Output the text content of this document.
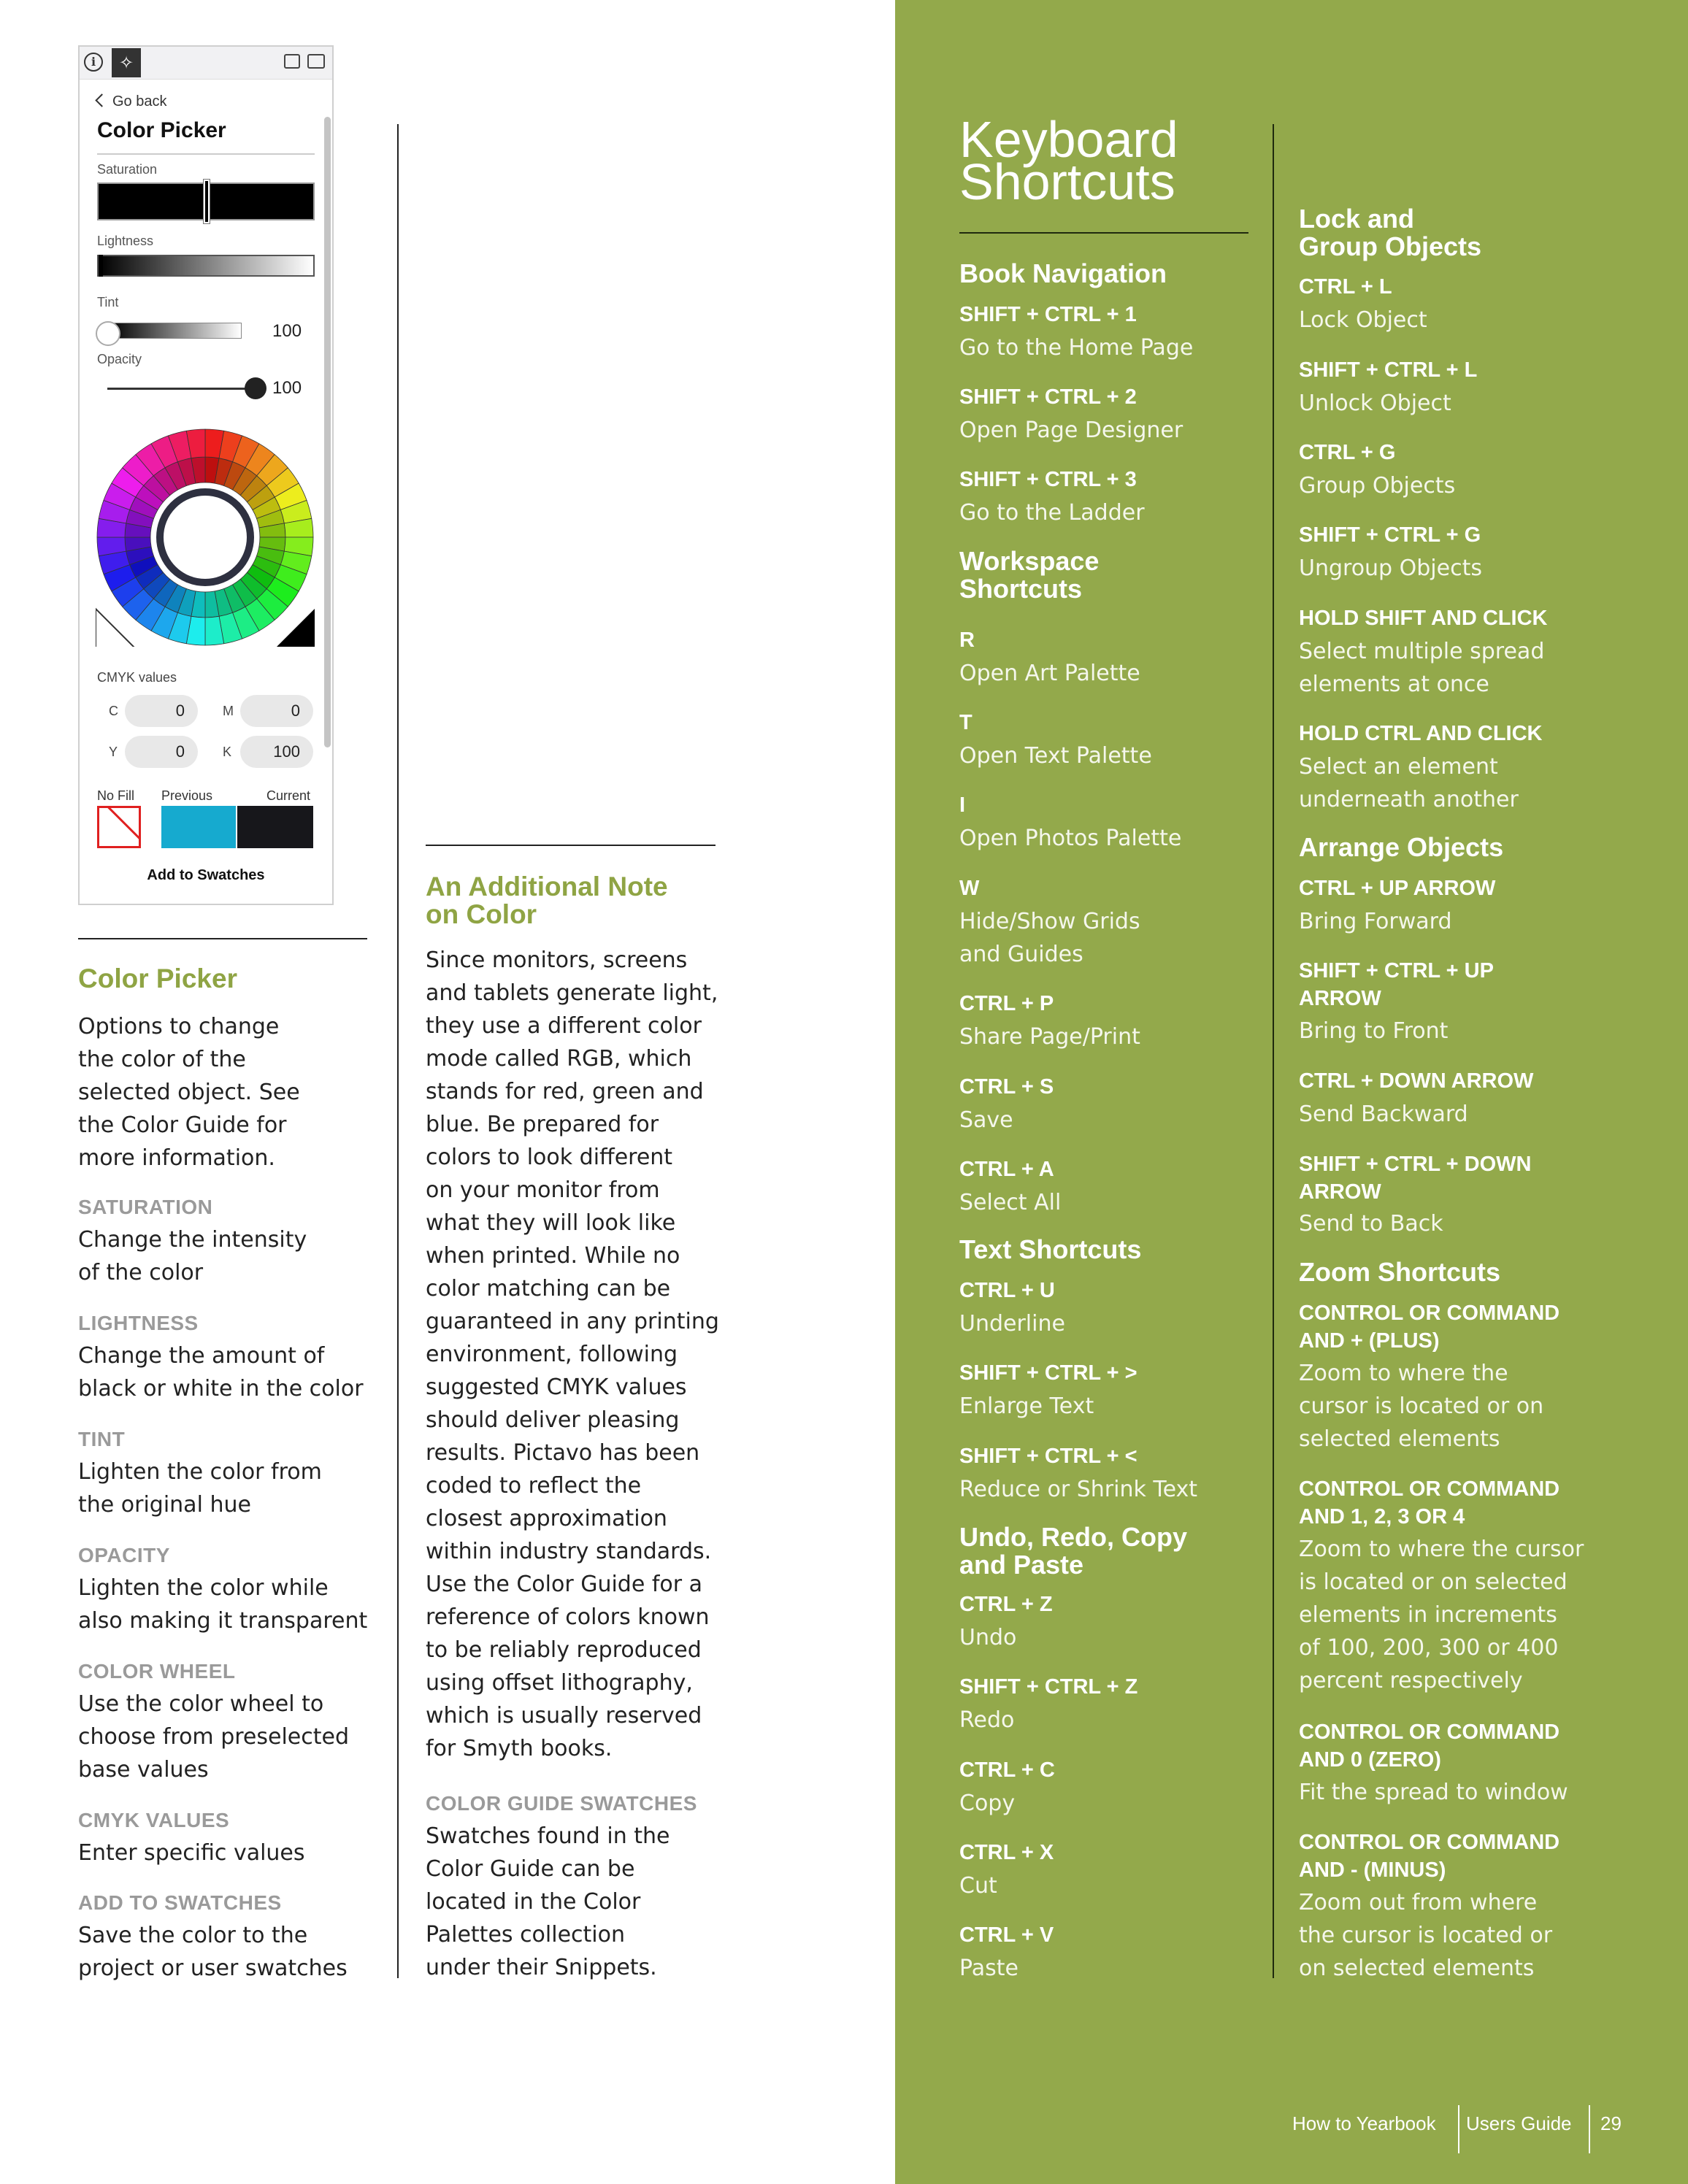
i	✧
Go back
Color Picker
Saturation
Lightness
Tint
100
Opacity
100
CMYK values
C	0	M	0
Y	0	K	100
No Fill Previous	Current
Add to Swatches
Color Picker
Options to change
the color of the
selected object. See
the Color Guide for
more information.
SATURATION
Change the intensity
of the color
LIGHTNESS
Change the amount of
black or white in the color
TINT
Lighten the color from
the original hue
OPACITY
Lighten the color while
also making it transparent
COLOR WHEEL
Use the color wheel to
choose from preselected
base values
CMYK VALUES
Enter specific values
ADD TO SWATCHES
Save the color to the
project or user swatches
An Additional Note
on Color
Since monitors, screens
and tablets generate light,
they use a different color
mode called RGB, which
stands for red, green and
blue. Be prepared for
colors to look different
on your monitor from
what they will look like
when printed. While no
color matching can be
guaranteed in any printing
environment, following
suggested CMYK values
should deliver pleasing
results. Pictavo has been
coded to reflect the
closest approximation
within industry standards.
Use the Color Guide for a
reference of colors known
to be reliably reproduced
using offset lithography,
which is usually reserved
for Smyth books.
COLOR GUIDE SWATCHES
Swatches found in the
Color Guide can be
located in the Color
Palettes collection
under their Snippets.
Keyboard
Shortcuts
Book Navigation
SHIFT + CTRL + 1
Go to the Home Page
SHIFT + CTRL + 2
Open Page Designer
SHIFT + CTRL + 3
Go to the Ladder
Workspace
Shortcuts
R
Open Art Palette
T
Open Text Palette
I
Open Photos Palette
W
Hide/Show Grids
and Guides
CTRL + P
Share Page/Print
CTRL + S
Save
CTRL + A
Select All
Text Shortcuts
CTRL + U
Underline
SHIFT + CTRL + >
Enlarge Text
SHIFT + CTRL + <
Reduce or Shrink Text
Undo, Redo, Copy
and Paste
CTRL + Z
Undo
SHIFT + CTRL + Z
Redo
CTRL + C
Copy
CTRL + X
Cut
CTRL + V
Paste
Lock and
Group Objects
CTRL + L
Lock Object
SHIFT + CTRL + L
Unlock Object
CTRL + G
Group Objects
SHIFT + CTRL + G
Ungroup Objects
HOLD SHIFT AND CLICK
Select multiple spread
elements at once
HOLD CTRL AND CLICK
Select an element
underneath another
Arrange Objects
CTRL + UP ARROW
Bring Forward
SHIFT + CTRL + UP
ARROW
Bring to Front
CTRL + DOWN ARROW
Send Backward
SHIFT + CTRL + DOWN
ARROW
Send to Back
Zoom Shortcuts
CONTROL OR COMMAND
AND + (PLUS)
Zoom to where the
cursor is located or on
selected elements
CONTROL OR COMMAND
AND 1, 2, 3 OR 4
Zoom to where the cursor
is located or on selected
elements in increments
of 100, 200, 300 or 400
percent respectively
CONTROL OR COMMAND
AND 0 (ZERO)
Fit the spread to window
CONTROL OR COMMAND
AND - (MINUS)
Zoom out from where
the cursor is located or
on selected elements
How to Yearbook Users Guide 29
